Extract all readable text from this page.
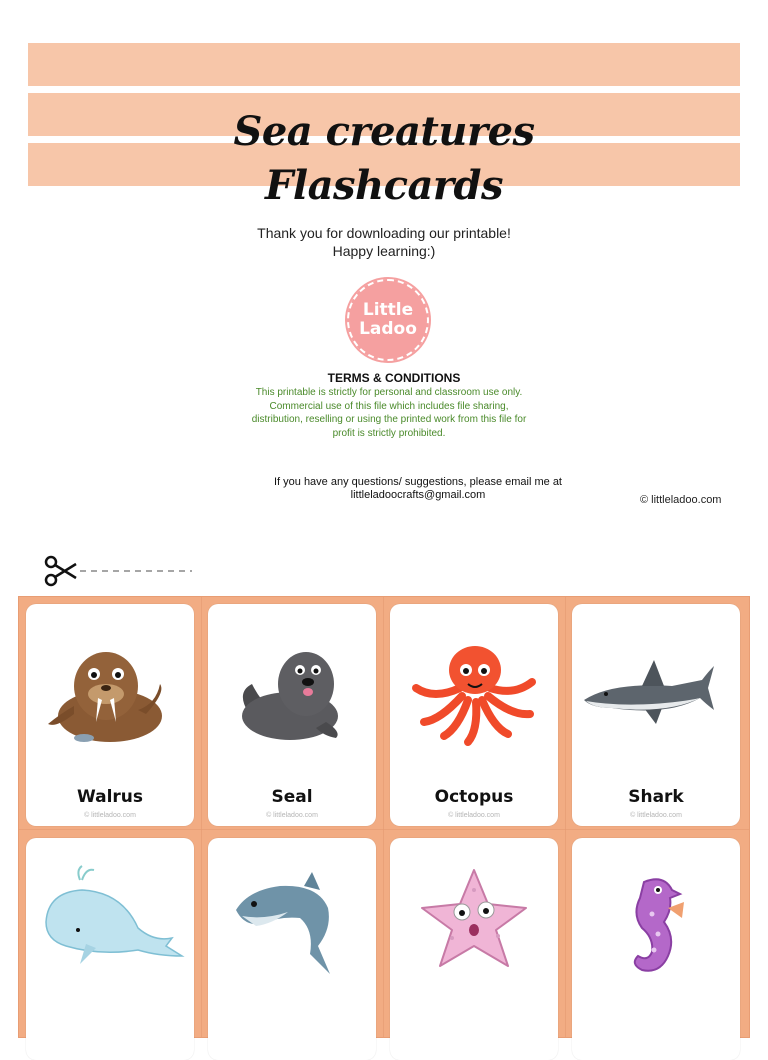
Sea creatures
Flashcards
Thank you for downloading our printable!
Happy learning:)
Little
Ladoo
TERMS & CONDITIONS
This printable is strictly for personal and classroom use only. Commercial use of this file which includes file sharing, distribution, reselling or using the printed work from this file for profit is strictly prohibited.
If you have any questions/ suggestions, please email me at
littleladoocrafts@gmail.com	© littleladoo.com
Walrus
© littleladoo.com
Seal
© littleladoo.com
Octopus
© littleladoo.com
Shark
© littleladoo.com
